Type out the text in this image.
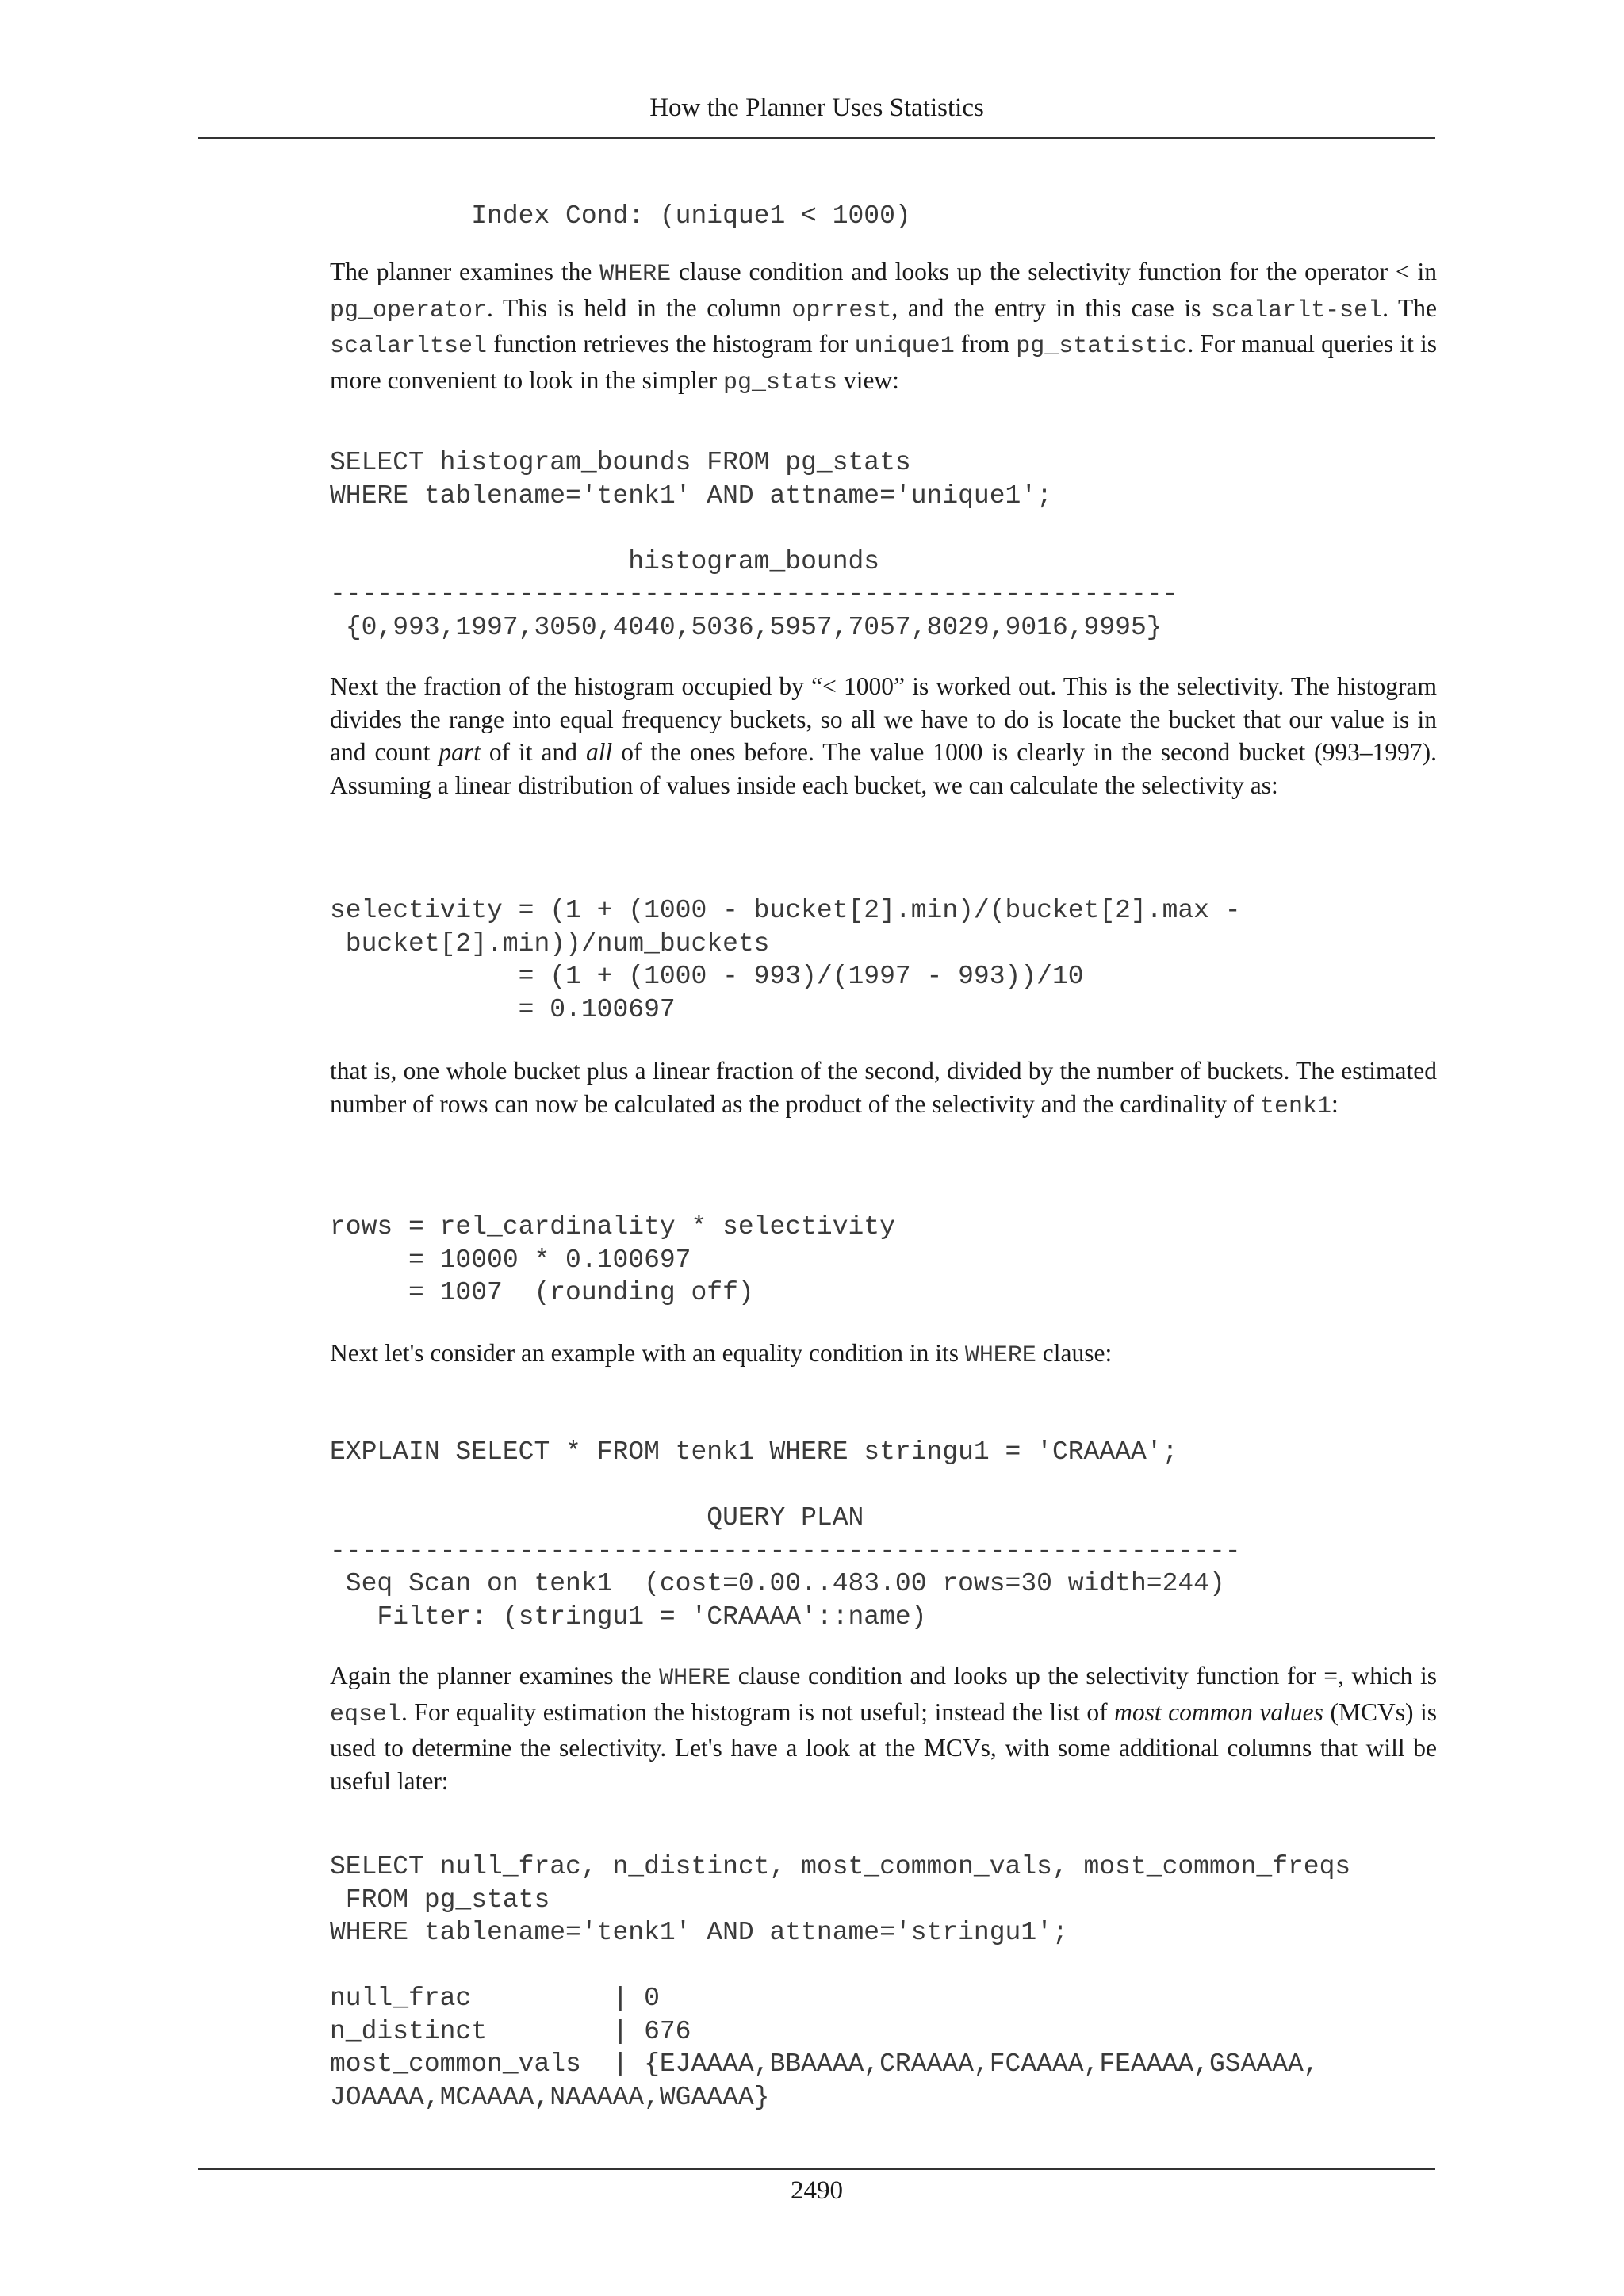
How the Planner Uses Statistics
Index Cond: (unique1 < 1000)

The planner examines the WHERE clause condition and looks up the selectivity function for the operator < in pg_operator. This is held in the column oprrest, and the entry in this case is scalarlt-sel. The scalarltsel function retrieves the histogram for unique1 from pg_statistic. For manual queries it is more convenient to look in the simpler pg_stats view:

SELECT histogram_bounds FROM pg_stats
WHERE tablename='tenk1' AND attname='unique1';
histogram_bounds
------------------------------------------------------
{0,993,1997,3050,4040,5036,5957,7057,8029,9016,9995}

Next the fraction of the histogram occupied by “< 1000” is worked out. This is the selectivity. The histogram divides the range into equal frequency buckets, so all we have to do is locate the bucket that our value is in and count part of it and all of the ones before. The value 1000 is clearly in the second bucket (993–1997). Assuming a linear distribution of values inside each bucket, we can calculate the selectivity as:

selectivity = (1 + (1000 - bucket[2].min)/(bucket[2].max -
bucket[2].min))/num_buckets
= (1 + (1000 - 993)/(1997 - 993))/10
= 0.100697

that is, one whole bucket plus a linear fraction of the second, divided by the number of buckets. The estimated number of rows can now be calculated as the product of the selectivity and the cardinality of tenk1:

rows = rel_cardinality * selectivity
= 10000 * 0.100697
= 1007  (rounding off)

Next let's consider an example with an equality condition in its WHERE clause:

EXPLAIN SELECT * FROM tenk1 WHERE stringu1 = 'CRAAAA';
QUERY PLAN
----------------------------------------------------------
Seq Scan on tenk1  (cost=0.00..483.00 rows=30 width=244)
Filter: (stringu1 = 'CRAAAA'::name)

Again the planner examines the WHERE clause condition and looks up the selectivity function for =, which is eqsel. For equality estimation the histogram is not useful; instead the list of most common values (MCVs) is used to determine the selectivity. Let's have a look at the MCVs, with some additional columns that will be useful later:

SELECT null_frac, n_distinct, most_common_vals, most_common_freqs
FROM pg_stats
WHERE tablename='tenk1' AND attname='stringu1';
null_frac         | 0
n_distinct        | 676
most_common_vals  | {EJAAAA,BBAAAA,CRAAAA,FCAAAA,FEAAAA,GSAAAA,
JOAAAA,MCAAAA,NAAAAA,WGAAAA}
2490
